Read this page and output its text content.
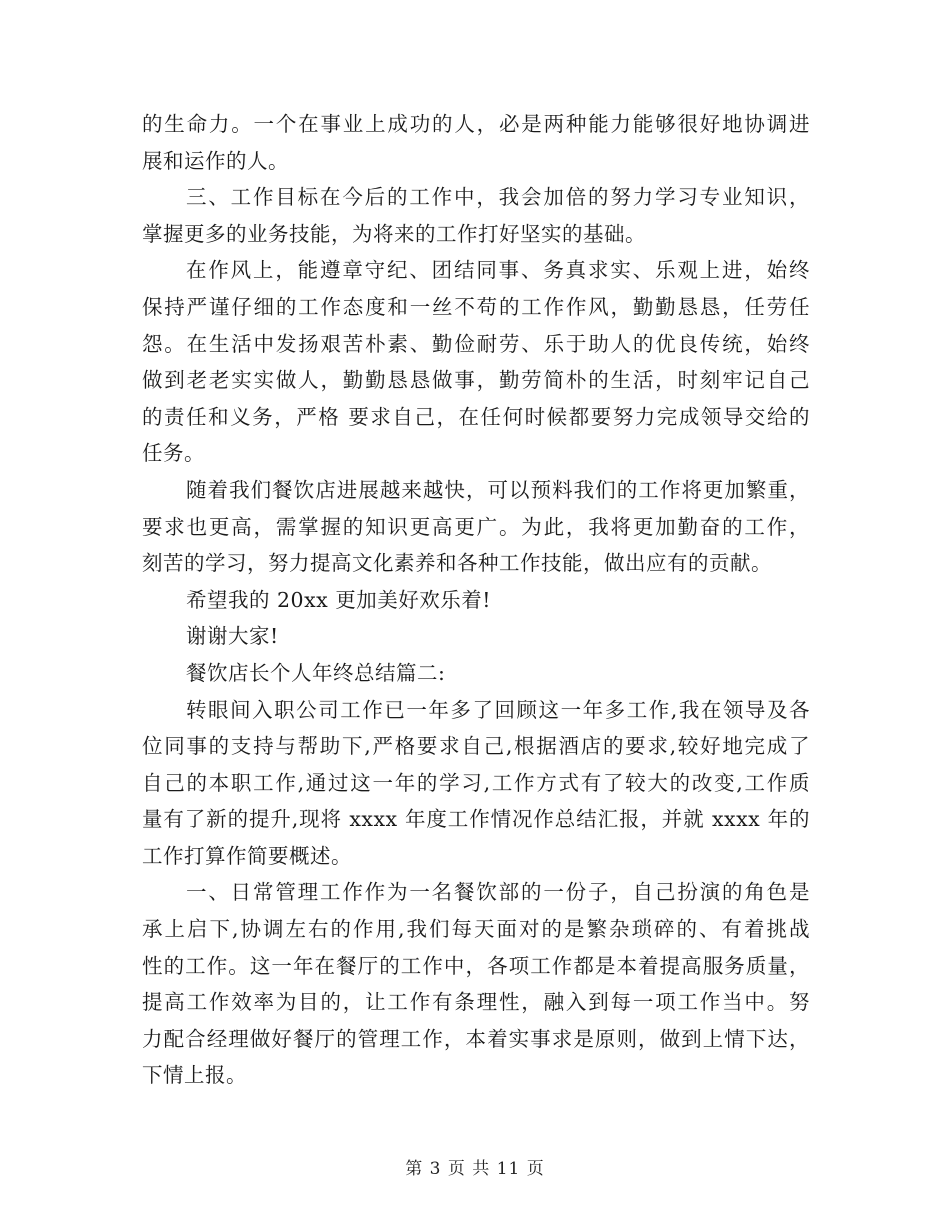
的生命力。一个在事业上成功的人，必是两种能力能够很好地协调进
展和运作的人。
三、工作目标在今后的工作中，我会加倍的努力学习专业知识，
掌握更多的业务技能，为将来的工作打好坚实的基础。
在作风上，能遵章守纪、团结同事、务真求实、乐观上进，始终
保持严谨仔细的工作态度和一丝不苟的工作作风，勤勤恳恳，任劳任
怨。在生活中发扬艰苦朴素、勤俭耐劳、乐于助人的优良传统，始终
做到老老实实做人，勤勤恳恳做事，勤劳简朴的生活，时刻牢记自己
的责任和义务，严格 要求自己，在任何时候都要努力完成领导交给的
任务。
随着我们餐饮店进展越来越快，可以预料我们的工作将更加繁重，
要求也更高，需掌握的知识更高更广。为此，我将更加勤奋的工作，
刻苦的学习，努力提高文化素养和各种工作技能，做出应有的贡献。
希望我的 20xx 更加美好欢乐着!
谢谢大家!
餐饮店长个人年终总结篇二:
转眼间入职公司工作已一年多了回顾这一年多工作,我在领导及各
位同事的支持与帮助下,严格要求自己,根据酒店的要求,较好地完成了
自己的本职工作,通过这一年的学习,工作方式有了较大的改变,工作质
量有了新的提升,现将 xxxx 年度工作情况作总结汇报，并就 xxxx 年的
工作打算作简要概述。
一、日常管理工作作为一名餐饮部的一份子，自己扮演的角色是
承上启下,协调左右的作用,我们每天面对的是繁杂琐碎的、有着挑战
性的工作。这一年在餐厅的工作中，各项工作都是本着提高服务质量，
提高工作效率为目的，让工作有条理性，融入到每一项工作当中。努
力配合经理做好餐厅的管理工作，本着实事求是原则，做到上情下达，
下情上报。
第 3 页 共 11 页
